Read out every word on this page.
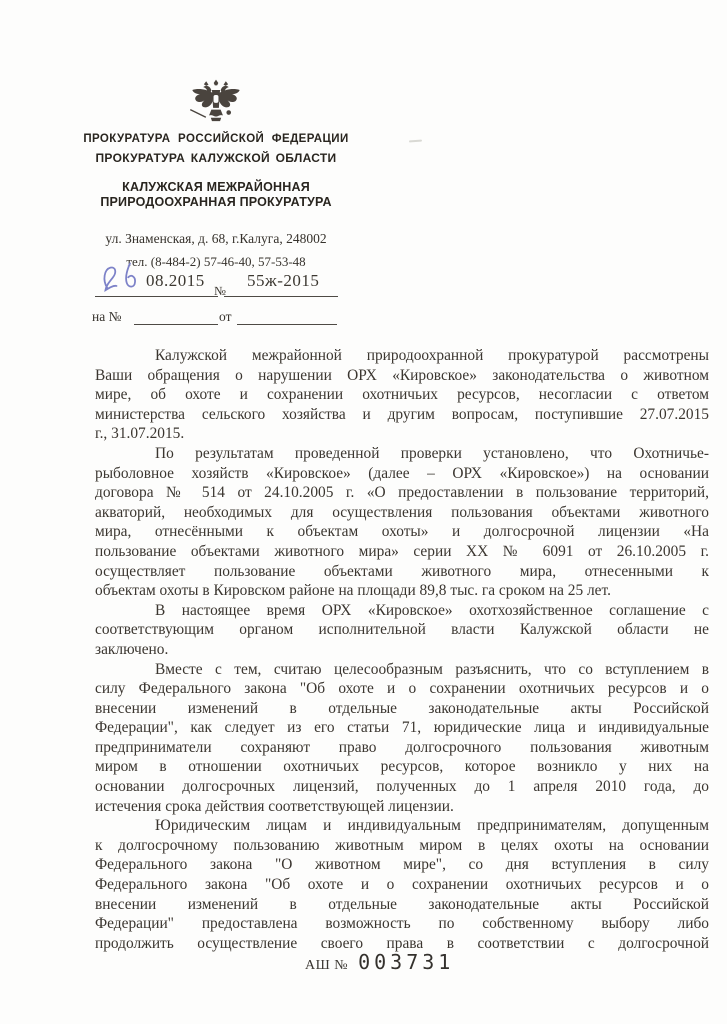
ПРОКУРАТУРА РОССИЙСКОЙ ФЕДЕРАЦИИ
ПРОКУРАТУРА КАЛУЖСКОЙ ОБЛАСТИ
КАЛУЖСКАЯ МЕЖРАЙОННАЯ
ПРИРОДООХРАННАЯ ПРОКУРАТУРА
ул. Знаменская, д. 68, г.Калуга, 248002
тел. (8-484-2) 57-46-40, 57-53-48
08.2015
№
55ж-2015
на №	от
Калужской межрайонной природоохранной прокуратурой рассмотрены
Ваши обращения о нарушении ОРХ «Кировское» законодательства о животном
мире, об охоте и сохранении охотничьих ресурсов, несогласии с ответом
министерства сельского хозяйства и другим вопросам, поступившие 27.07.2015
г., 31.07.2015.
По результатам проведенной проверки установлено, что Охотничье-
рыболовное хозяйств «Кировское» (далее – ОРХ «Кировское») на основании
договора № 514 от 24.10.2005 г. «О предоставлении в пользование территорий,
акваторий, необходимых для осуществления пользования объектами животного
мира, отнесёнными к объектам охоты» и долгосрочной лицензии «На
пользование объектами животного мира» серии XX № 6091 от 26.10.2005 г.
осуществляет пользование объектами животного мира, отнесенными к
объектам охоты в Кировском районе на площади 89,8 тыс. га сроком на 25 лет.
В настоящее время ОРХ «Кировское» охотхозяйственное соглашение с
соответствующим органом исполнительной власти Калужской области не
заключено.
Вместе с тем, считаю целесообразным разъяснить, что со вступлением в
силу Федерального закона "Об охоте и о сохранении охотничьих ресурсов и о
внесении изменений в отдельные законодательные акты Российской
Федерации", как следует из его статьи 71, юридические лица и индивидуальные
предприниматели сохраняют право долгосрочного пользования животным
миром в отношении охотничьих ресурсов, которое возникло у них на
основании долгосрочных лицензий, полученных до 1 апреля 2010 года, до
истечения срока действия соответствующей лицензии.
Юридическим лицам и индивидуальным предпринимателям, допущенным
к долгосрочному пользованию животным миром в целях охоты на основании
Федерального закона "О животном мире", со дня вступления в силу
Федерального закона "Об охоте и о сохранении охотничьих ресурсов и о
внесении изменений в отдельные законодательные акты Российской
Федерации" предоставлена возможность по собственному выбору либо
продолжить осуществление своего права в соответствии с долгосрочной
АШ № 003731
